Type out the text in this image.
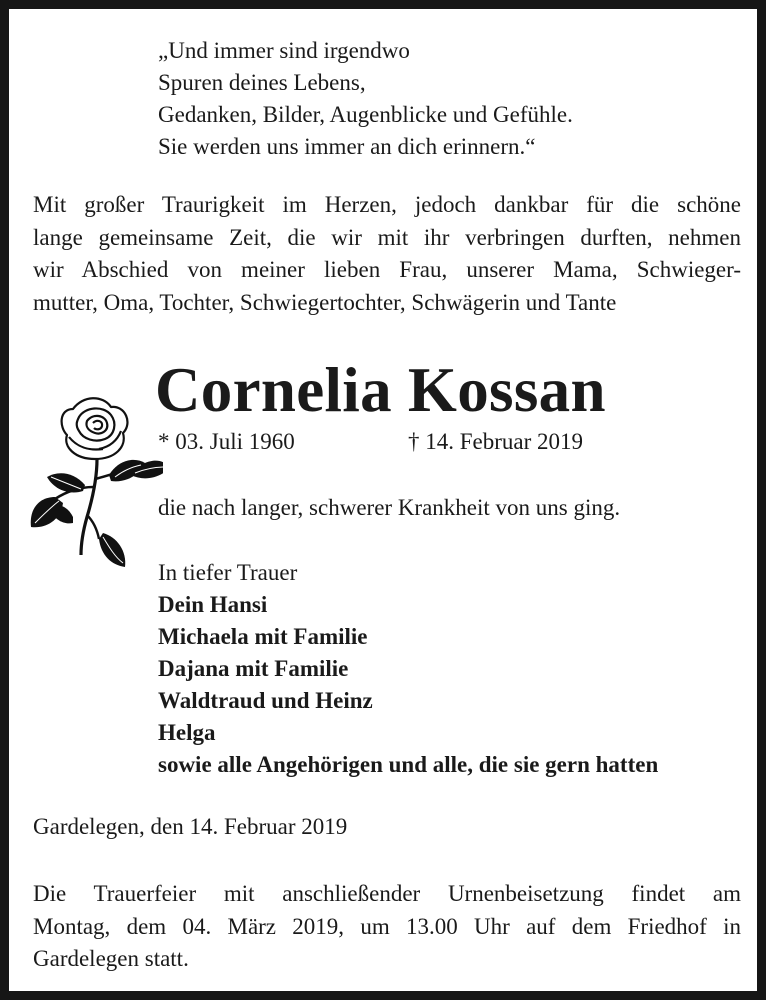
„Und immer sind irgendwo
Spuren deines Lebens,
Gedanken, Bilder, Augenblicke und Gefühle.
Sie werden uns immer an dich erinnern.“
Mit großer Traurigkeit im Herzen, jedoch dankbar für die schöne
lange gemeinsame Zeit, die wir mit ihr verbringen durften, nehmen
wir Abschied von meiner lieben Frau, unserer Mama, Schwieger-
mutter, Oma, Tochter, Schwiegertochter, Schwägerin und Tante
Cornelia Kossan
* 03. Juli 1960	† 14. Februar 2019
die nach langer, schwerer Krankheit von uns ging.
In tiefer Trauer
Dein Hansi
Michaela mit Familie
Dajana mit Familie
Waldtraud und Heinz
Helga
sowie alle Angehörigen und alle, die sie gern hatten
Gardelegen, den 14. Februar 2019
Die Trauerfeier mit anschließender Urnenbeisetzung findet am
Montag, dem 04. März 2019, um 13.00 Uhr auf dem Friedhof in
Gardelegen statt.
